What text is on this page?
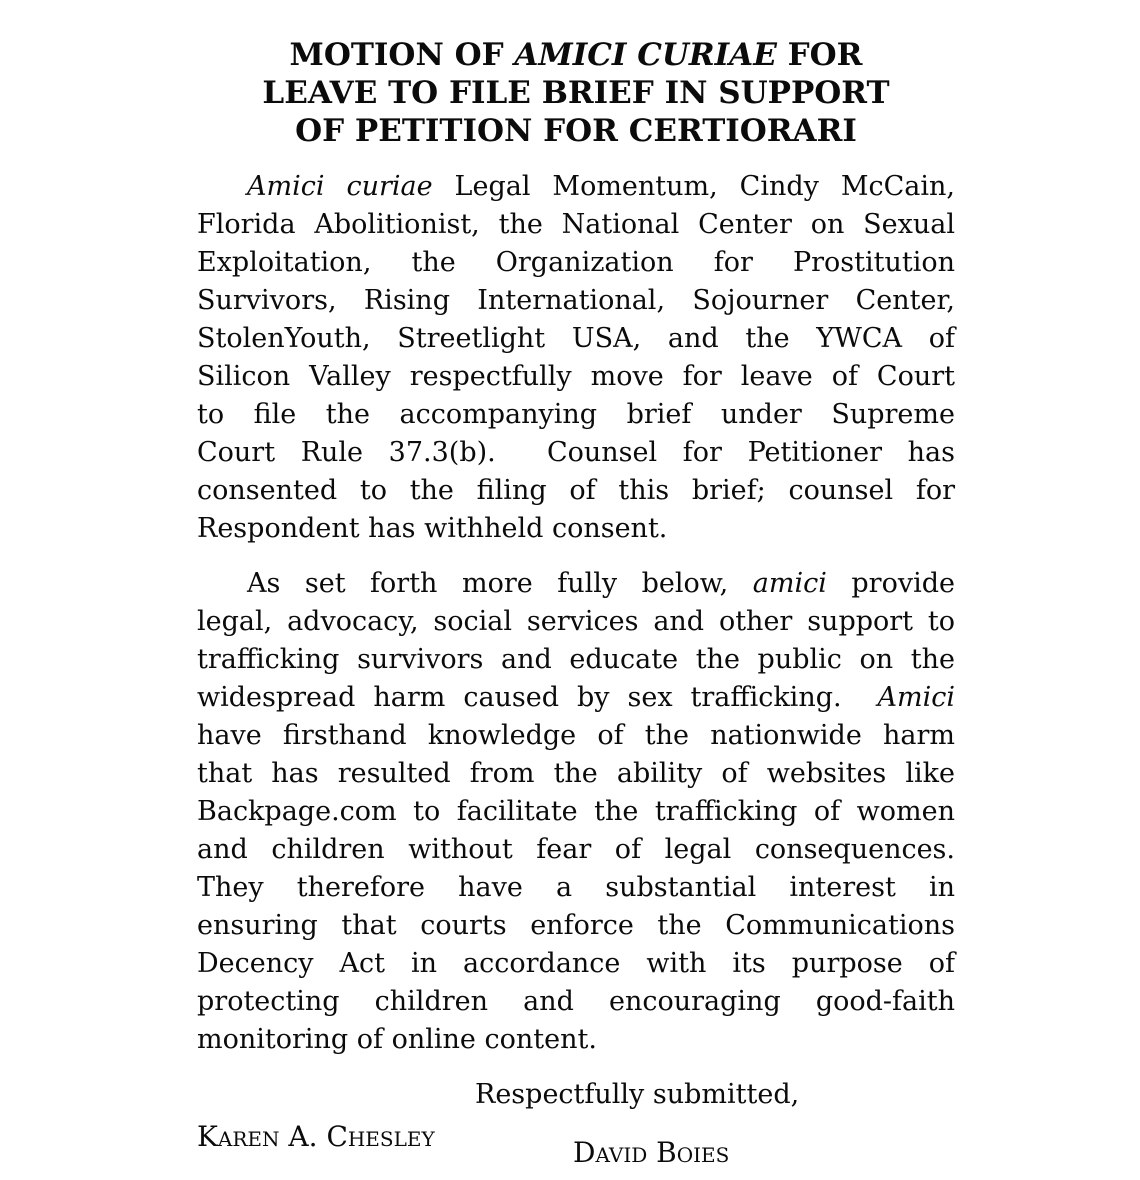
MOTION OF AMICI CURIAE FOR
LEAVE TO FILE BRIEF IN SUPPORT
OF PETITION FOR CERTIORARI
Amici curiae Legal Momentum, Cindy McCain,
Florida Abolitionist, the National Center on Sexual
Exploitation, the Organization for Prostitution
Survivors, Rising International, Sojourner Center,
StolenYouth, Streetlight USA, and the YWCA of
Silicon Valley respectfully move for leave of Court
to file the accompanying brief under Supreme
Court Rule 37.3(b).  Counsel for Petitioner has
consented to the filing of this brief; counsel for
Respondent has withheld consent.
As set forth more fully below, amici provide
legal, advocacy, social services and other support to
trafficking survivors and educate the public on the
widespread harm caused by sex trafficking.  Amici
have firsthand knowledge of the nationwide harm
that has resulted from the ability of websites like
Backpage.com to facilitate the trafficking of women
and children without fear of legal consequences.
They therefore have a substantial interest in
ensuring that courts enforce the Communications
Decency Act in accordance with its purpose of
protecting children and encouraging good-faith
monitoring of online content.
Respectfully submitted,
Karen A. Chesley	David Boies
